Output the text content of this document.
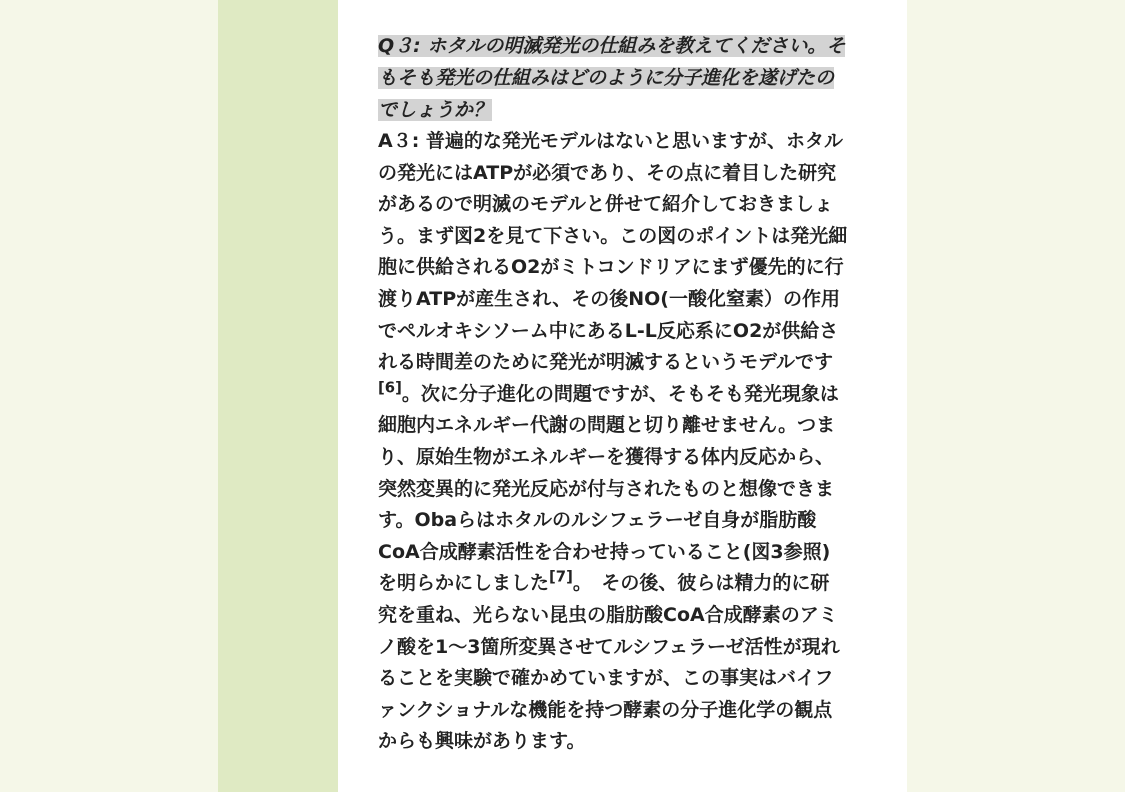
Q３: ホタルの明滅発光の仕組みを教えてください。そ
もそも発光の仕組みはどのように分子進化を遂げたの
でしょうか？
A３: 普遍的な発光モデルはないと思いますが、ホタル
の発光にはATPが必須であり、その点に着目した研究
があるので明滅のモデルと併せて紹介しておきましょ
う。まず図2を見て下さい。この図のポイントは発光細
胞に供給されるO2がミトコンドリアにまず優先的に行
渡りATPが産生され、その後NO(一酸化窒素）の作用
でペルオキシソーム中にあるL-L反応系にO2が供給さ
れる時間差のために発光が明滅するというモデルです
[6]。次に分子進化の問題ですが、そもそも発光現象は
細胞内エネルギー代謝の問題と切り離せません。つま
り、原始生物がエネルギーを獲得する体内反応から、
突然変異的に発光反応が付与されたものと想像できま
す。Obaらはホタルのルシフェラーゼ自身が脂肪酸
CoA合成酵素活性を合わせ持っていること(図3参照)
を明らかにしました[7]。　その後、彼らは精力的に研
究を重ね、光らない昆虫の脂肪酸CoA合成酵素のアミ
ノ酸を1～3箇所変異させてルシフェラーゼ活性が現れ
ることを実験で確かめていますが、この事実はバイフ
ァンクショナルな機能を持つ酵素の分子進化学の観点
からも興味があります。
